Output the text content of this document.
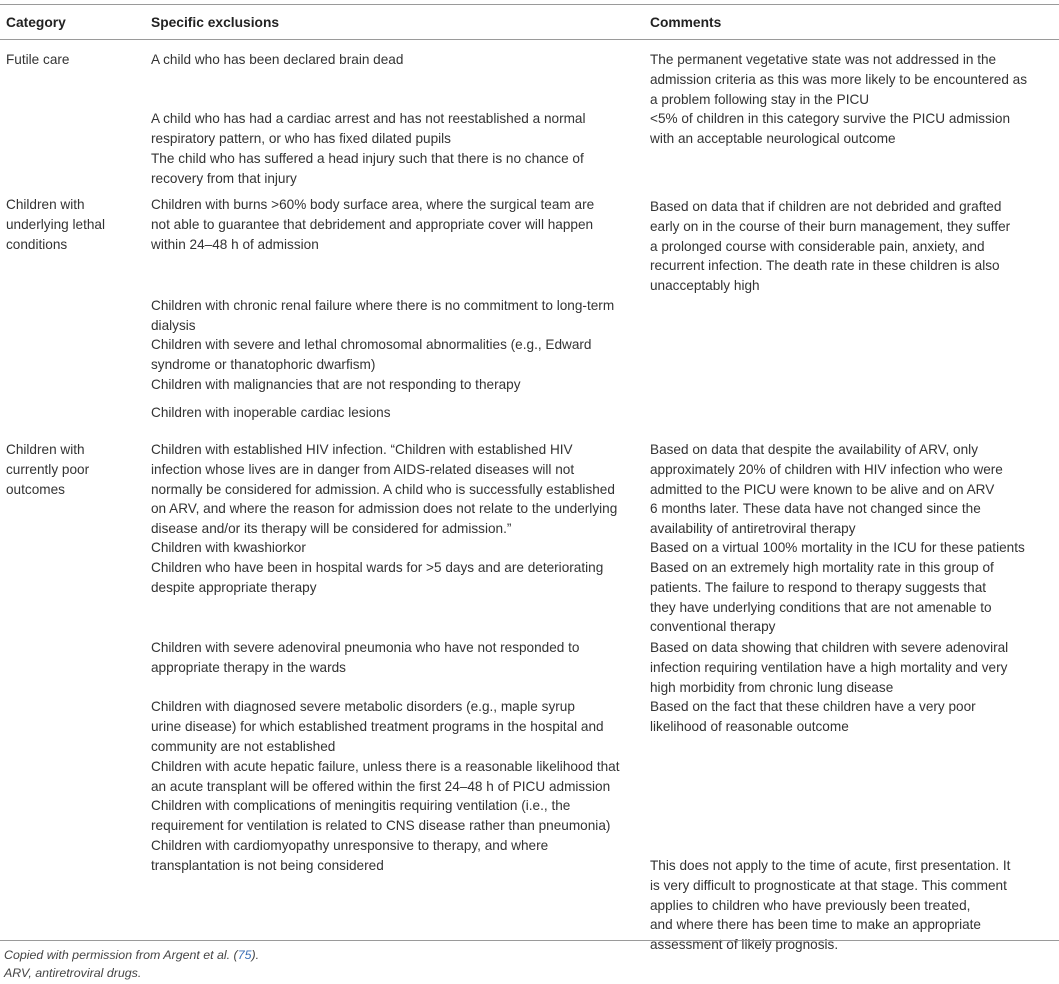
Category	Specific exclusions	Comments
Futile care
Children with
underlying lethal
conditions
Children with
currently poor
outcomes
A child who has been declared brain dead
A child who has had a cardiac arrest and has not reestablished a normal
respiratory pattern, or who has fixed dilated pupils
The child who has suffered a head injury such that there is no chance of
recovery from that injury
Children with burns >60% body surface area, where the surgical team are
not able to guarantee that debridement and appropriate cover will happen
within 24–48 h of admission
Children with chronic renal failure where there is no commitment to long-term
dialysis
Children with severe and lethal chromosomal abnormalities (e.g., Edward
syndrome or thanatophoric dwarfism)
Children with malignancies that are not responding to therapy
Children with inoperable cardiac lesions
Children with established HIV infection. “Children with established HIV
infection whose lives are in danger from AIDS-related diseases will not
normally be considered for admission. A child who is successfully established
on ARV, and where the reason for admission does not relate to the underlying
disease and/or its therapy will be considered for admission.”
Children with kwashiorkor
Children who have been in hospital wards for >5 days and are deteriorating
despite appropriate therapy
Children with severe adenoviral pneumonia who have not responded to
appropriate therapy in the wards
Children with diagnosed severe metabolic disorders (e.g., maple syrup
urine disease) for which established treatment programs in the hospital and
community are not established
Children with acute hepatic failure, unless there is a reasonable likelihood that
an acute transplant will be offered within the first 24–48 h of PICU admission
Children with complications of meningitis requiring ventilation (i.e., the
requirement for ventilation is related to CNS disease rather than pneumonia)
Children with cardiomyopathy unresponsive to therapy, and where
transplantation is not being considered
The permanent vegetative state was not addressed in the
admission criteria as this was more likely to be encountered as
a problem following stay in the PICU
<5% of children in this category survive the PICU admission
with an acceptable neurological outcome
Based on data that if children are not debrided and grafted
early on in the course of their burn management, they suffer
a prolonged course with considerable pain, anxiety, and
recurrent infection. The death rate in these children is also
unacceptably high
Based on data that despite the availability of ARV, only
approximately 20% of children with HIV infection who were
admitted to the PICU were known to be alive and on ARV
6 months later. These data have not changed since the
availability of antiretroviral therapy
Based on a virtual 100% mortality in the ICU for these patients
Based on an extremely high mortality rate in this group of
patients. The failure to respond to therapy suggests that
they have underlying conditions that are not amenable to
conventional therapy
Based on data showing that children with severe adenoviral
infection requiring ventilation have a high mortality and very
high morbidity from chronic lung disease
Based on the fact that these children have a very poor
likelihood of reasonable outcome
This does not apply to the time of acute, first presentation. It
is very difficult to prognosticate at that stage. This comment
applies to children who have previously been treated,
and where there has been time to make an appropriate
assessment of likely prognosis.
Copied with permission from Argent et al. (75).
ARV, antiretroviral drugs.
